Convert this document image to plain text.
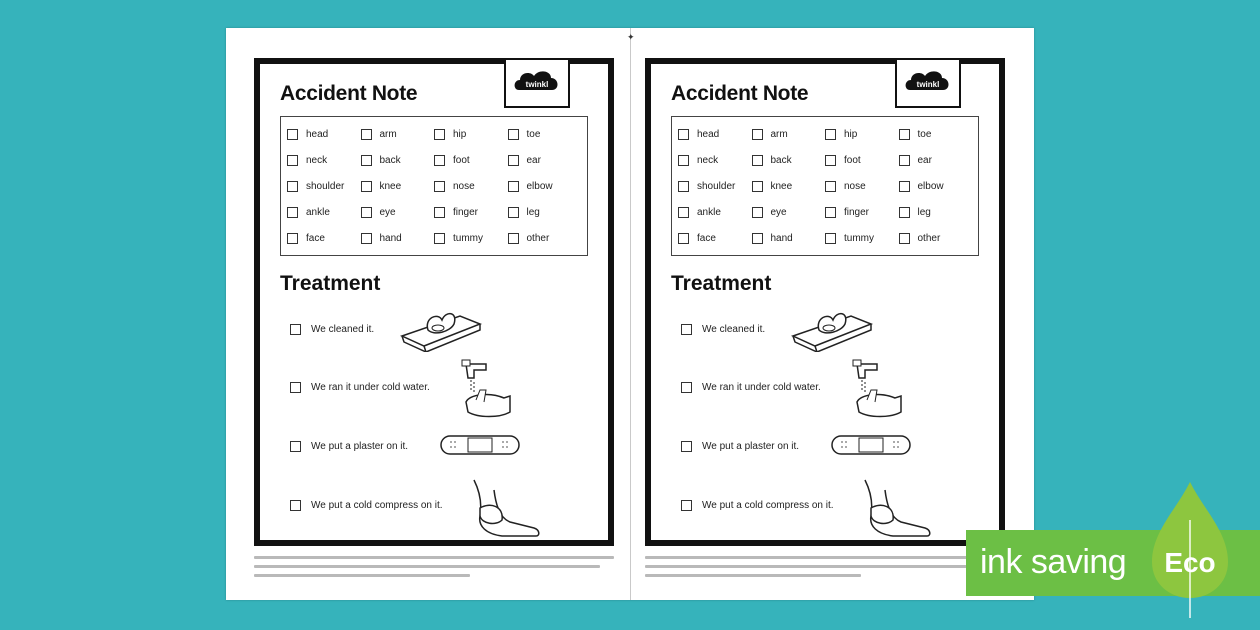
✦
twinkl
Accident Note
head	arm	hip	toe
neck	back	foot	ear
shoulder	knee	nose	elbow
ankle	eye	finger	leg
face	hand	tummy	other
Treatment
We cleaned it.
We ran it under cold water.
We put a plaster on it.
We put a cold compress on it.
twinkl
Accident Note
head	arm	hip	toe
neck	back	foot	ear
shoulder	knee	nose	elbow
ankle	eye	finger	leg
face	hand	tummy	other
Treatment
We cleaned it.
We ran it under cold water.
We put a plaster on it.
We put a cold compress on it.
ink saving Eco
